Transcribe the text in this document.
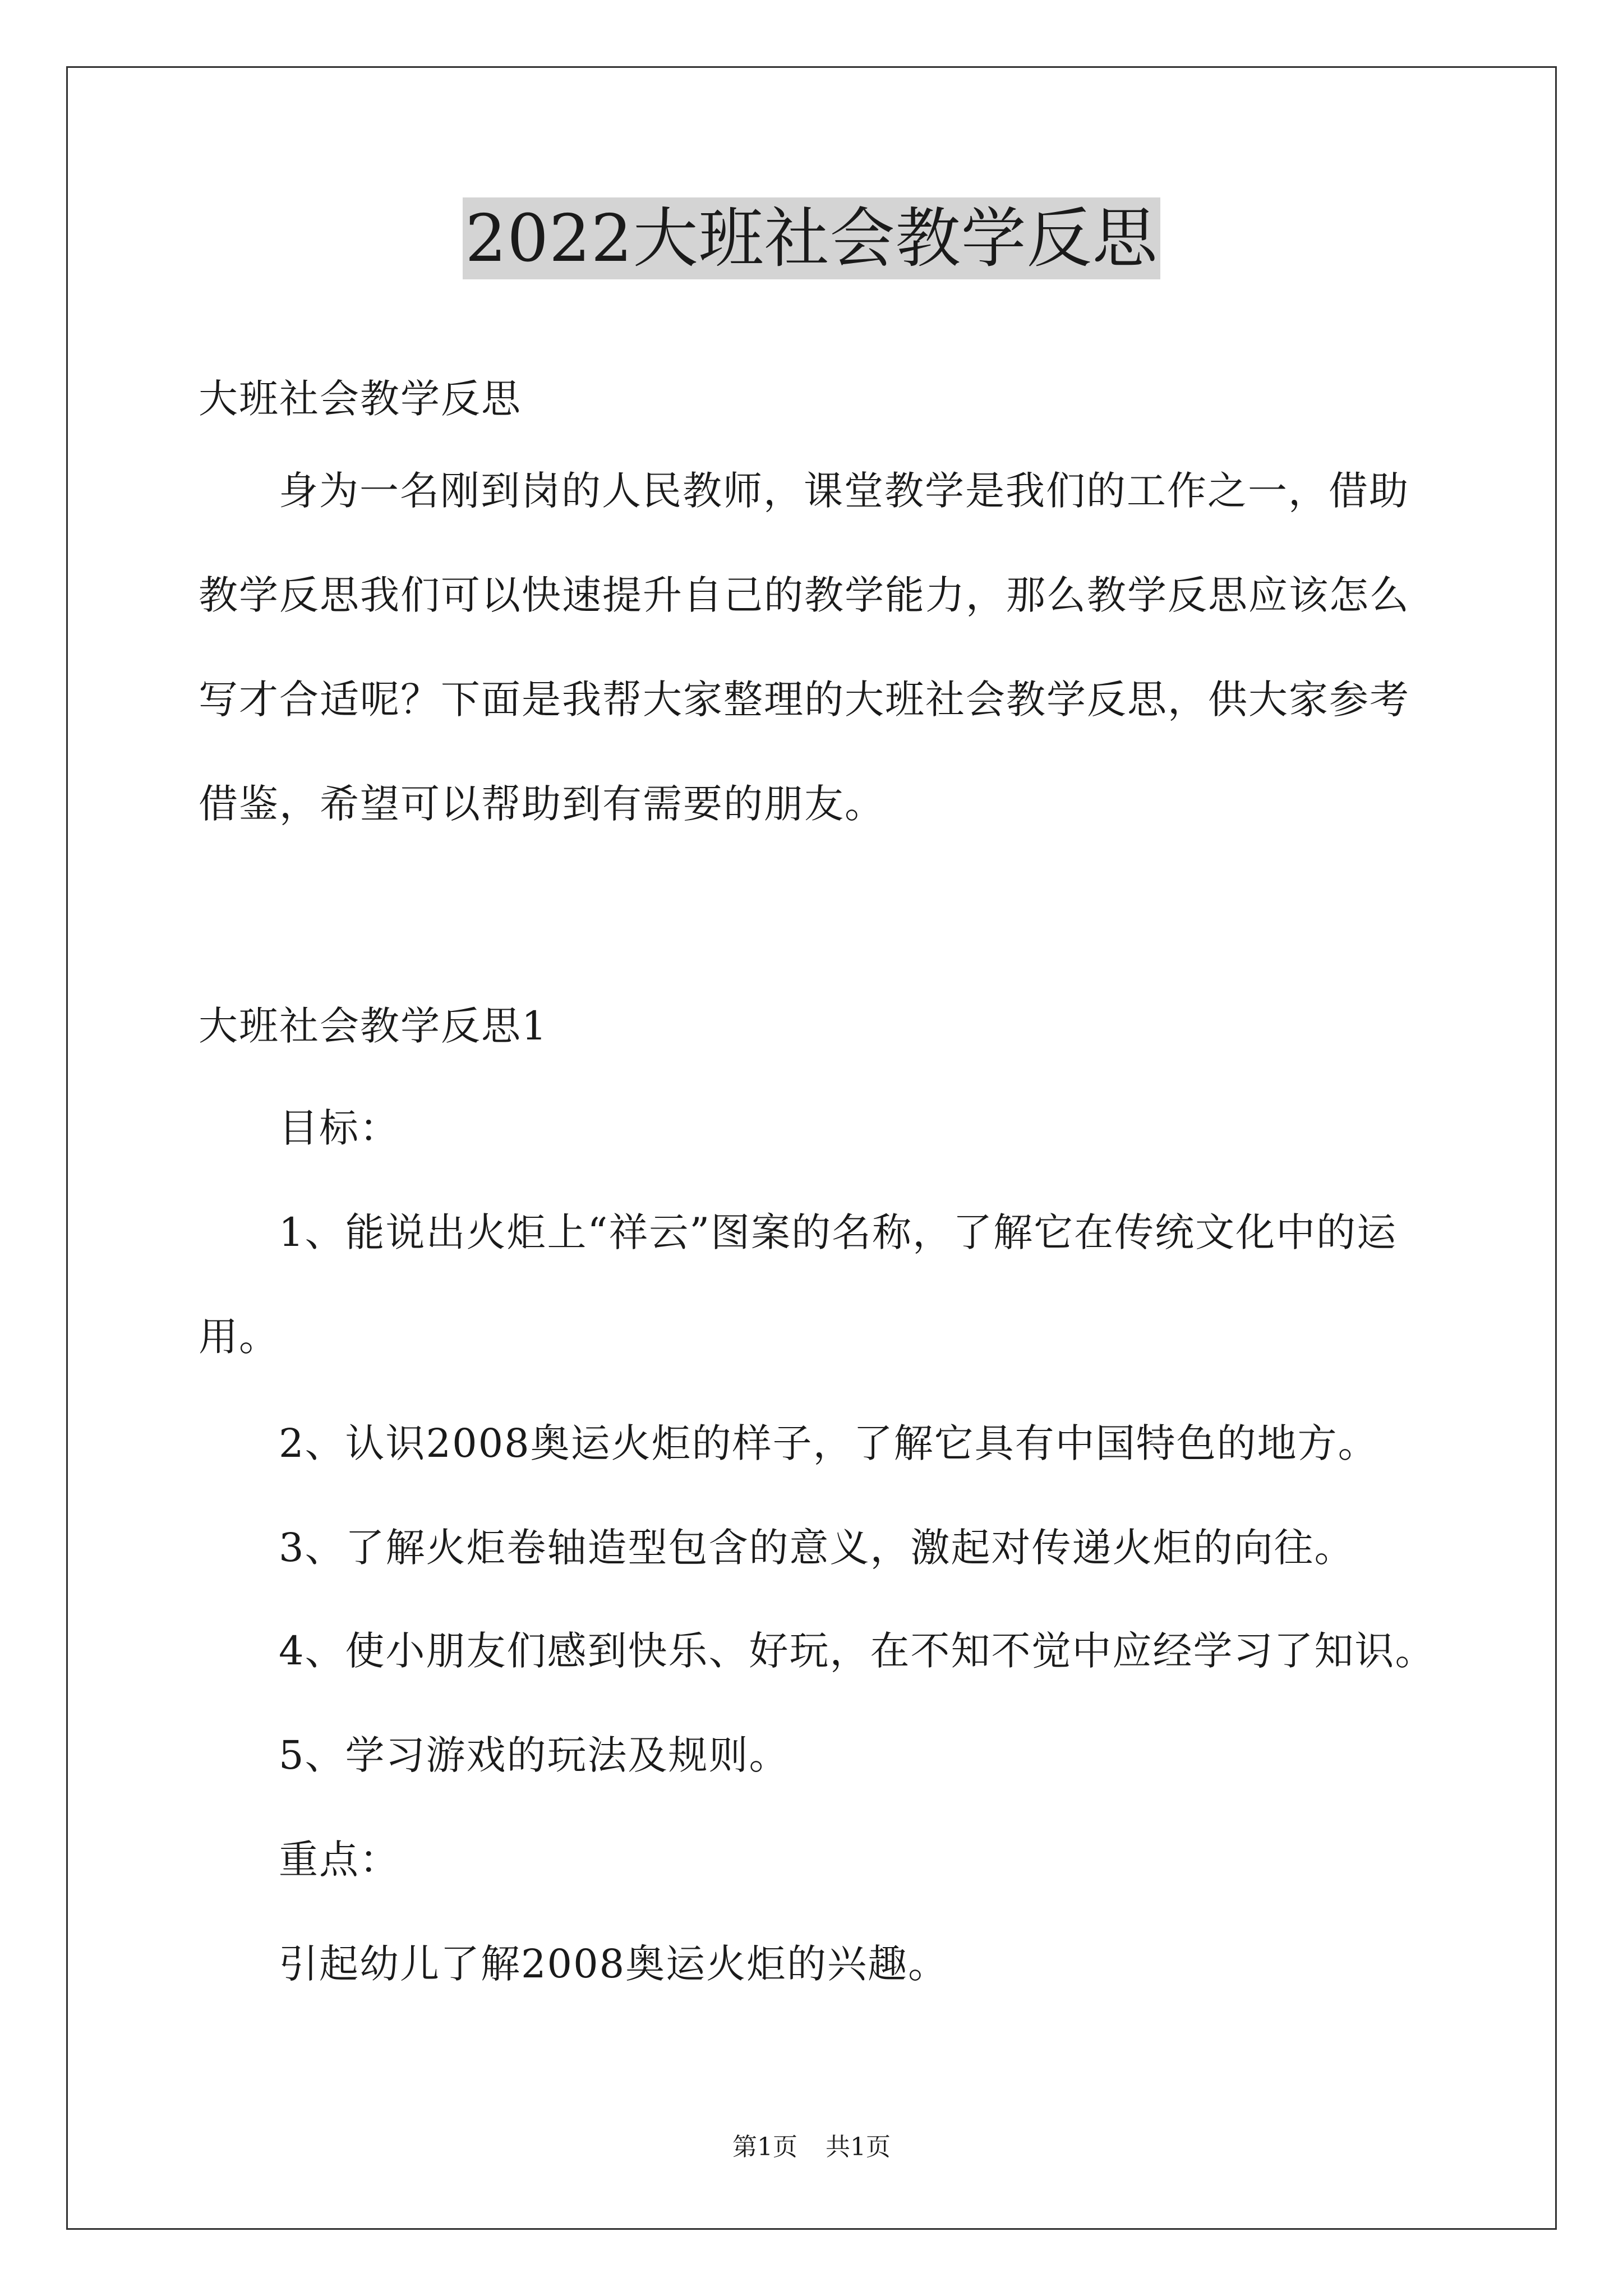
2022大班社会教学反思

大班社会教学反思

身为一名刚到岗的人民教师，课堂教学是我们的工作之一，借助

教学反思我们可以快速提升自己的教学能力，那么教学反思应该怎么

写才合适呢？下面是我帮大家整理的大班社会教学反思，供大家参考

借鉴，希望可以帮助到有需要的朋友。

大班社会教学反思1

目标：

1、能说出火炬上“祥云”图案的名称，了解它在传统文化中的运

用。

2、认识2008奥运火炬的样子，了解它具有中国特色的地方。

3、了解火炬卷轴造型包含的意义，激起对传递火炬的向往。

4、使小朋友们感到快乐、好玩，在不知不觉中应经学习了知识。

5、学习游戏的玩法及规则。

重点：

引起幼儿了解2008奥运火炬的兴趣。

第1页 共1页
